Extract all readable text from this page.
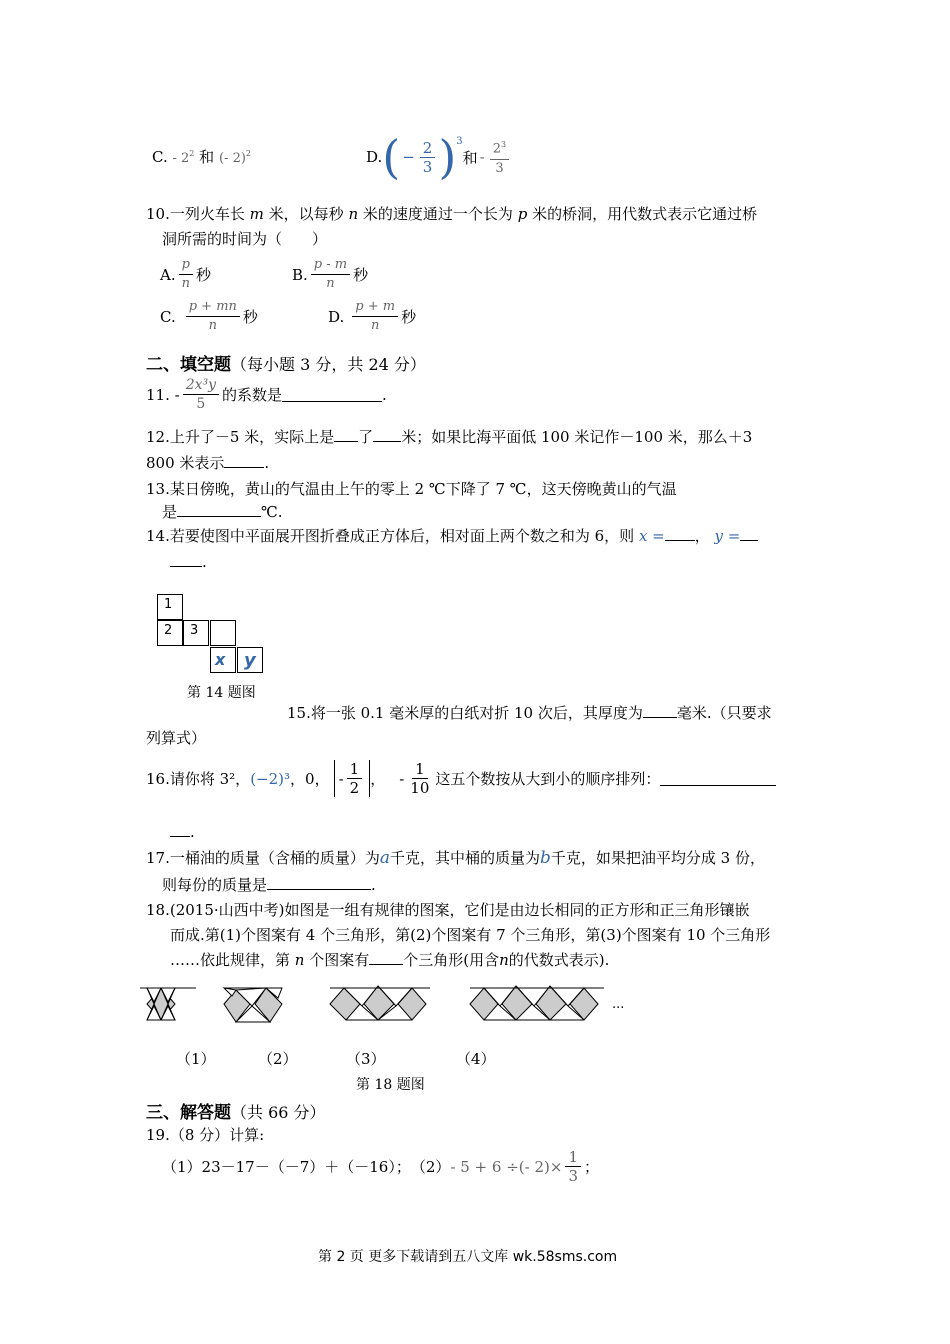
C. - $2^2$ 和 (- 2)$^2$	D. ( − $\frac{2}{3} )^3$
和 - $\frac{2^3}{3}$
10.一列火车长 m 米，以每秒 n 米的速度通过一个长为 p 米的桥洞，用代数式表示它通过桥
洞所需的时间为（　　）
A. $\frac{p}{n}$ 秒	B. $\frac{p - m}{n}$ 秒
C. $\frac{p + mn}{n}$ 秒	D. $\frac{p + m}{n}$ 秒
二、填空题（每小题 3 分，共 24 分）
11. - $\frac{\text{2x³y}}{5}$ 的系数是	.
12.上升了－5 米，实际上是 了 米；如果比海平面低 100 米记作－100 米，那么＋3
800 米表示	.
13.某日傍晚，黄山的气温由上午的零上 2 ℃下降了 7 ℃，这天傍晚黄山的气温
是	℃.
14.若要使图中平面展开图折叠成正方体后，相对面上两个数之和为 6，则 x = ， y =
.
1
2	3
x	y
第 14 题图
15.将一张 0.1 毫米厚的白纸对折 10 次后，其厚度为 毫米.（只要求
列算式）
16.请你将 3²， (−2)³ ，0， - $\frac{1}{2}$ ， - $\frac{1}{10}$ 这五个数按从大到小的顺序排列：
.
17.一桶油的质量（含桶的质量）为a千克，其中桶的质量为b千克，如果把油平均分成 3 份，
则每份的质量是	.
18.(2015·山西中考)如图是一组有规律的图案，它们是由边长相同的正方形和正三角形镶嵌
而成.第(1)个图案有 4 个三角形，第(2)个图案有 7 个三角形，第(3)个图案有 10 个三角形
……依此规律，第 n 个图案有 个三角形(用含n的代数式表示).
...
（1）	（2）	（3）	（4）
第 18 题图
三、解答题（共 66 分）
19.（8 分）计算:
（1）23－17－（－7）＋（－16）； （2） - 5 + 6 ÷(- $2)\times \frac{1}{3}$ ；
第 2 页 更多下载请到五八文库 wk.58sms.com
